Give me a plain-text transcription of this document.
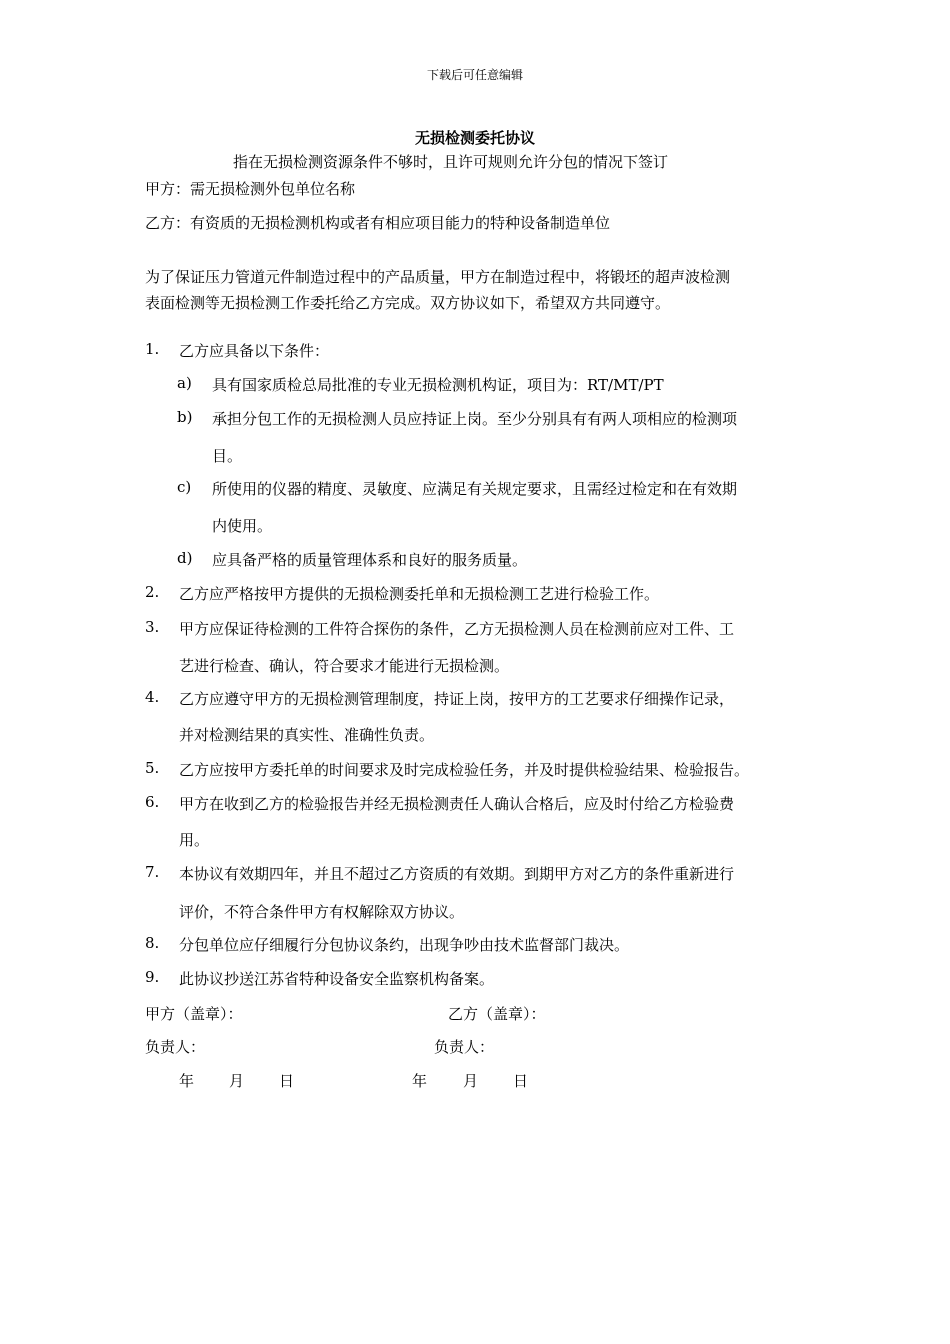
下载后可任意编辑
无损检测委托协议
指在无损检测资源条件不够时，且许可规则允许分包的情况下签订
甲方：需无损检测外包单位名称
乙方：有资质的无损检测机构或者有相应项目能力的特种设备制造单位
为了保证压力管道元件制造过程中的产品质量，甲方在制造过程中，将锻坯的超声波检测
表面检测等无损检测工作委托给乙方完成。双方协议如下，希望双方共同遵守。
1. 乙方应具备以下条件：
a) 具有国家质检总局批准的专业无损检测机构证，项目为：RT/MT/PT
b) 承担分包工作的无损检测人员应持证上岗。至少分别具有有两人项相应的检测项
目。
c) 所使用的仪器的精度、灵敏度、应满足有关规定要求，且需经过检定和在有效期
内使用。
d) 应具备严格的质量管理体系和良好的服务质量。
2. 乙方应严格按甲方提供的无损检测委托单和无损检测工艺进行检验工作。
3. 甲方应保证待检测的工件符合探伤的条件，乙方无损检测人员在检测前应对工件、工
艺进行检查、确认，符合要求才能进行无损检测。
4. 乙方应遵守甲方的无损检测管理制度，持证上岗，按甲方的工艺要求仔细操作记录，
并对检测结果的真实性、准确性负责。
5. 乙方应按甲方委托单的时间要求及时完成检验任务，并及时提供检验结果、检验报告。
6. 甲方在收到乙方的检验报告并经无损检测责任人确认合格后，应及时付给乙方检验费
用。
7. 本协议有效期四年，并且不超过乙方资质的有效期。到期甲方对乙方的条件重新进行
评价，不符合条件甲方有权解除双方协议。
8. 分包单位应仔细履行分包协议条约，出现争吵由技术监督部门裁决。
9. 此协议抄送江苏省特种设备安全监察机构备案。
甲方（盖章）：	乙方（盖章）：
负责人：	负责人：
年 月 日	年 月 日
